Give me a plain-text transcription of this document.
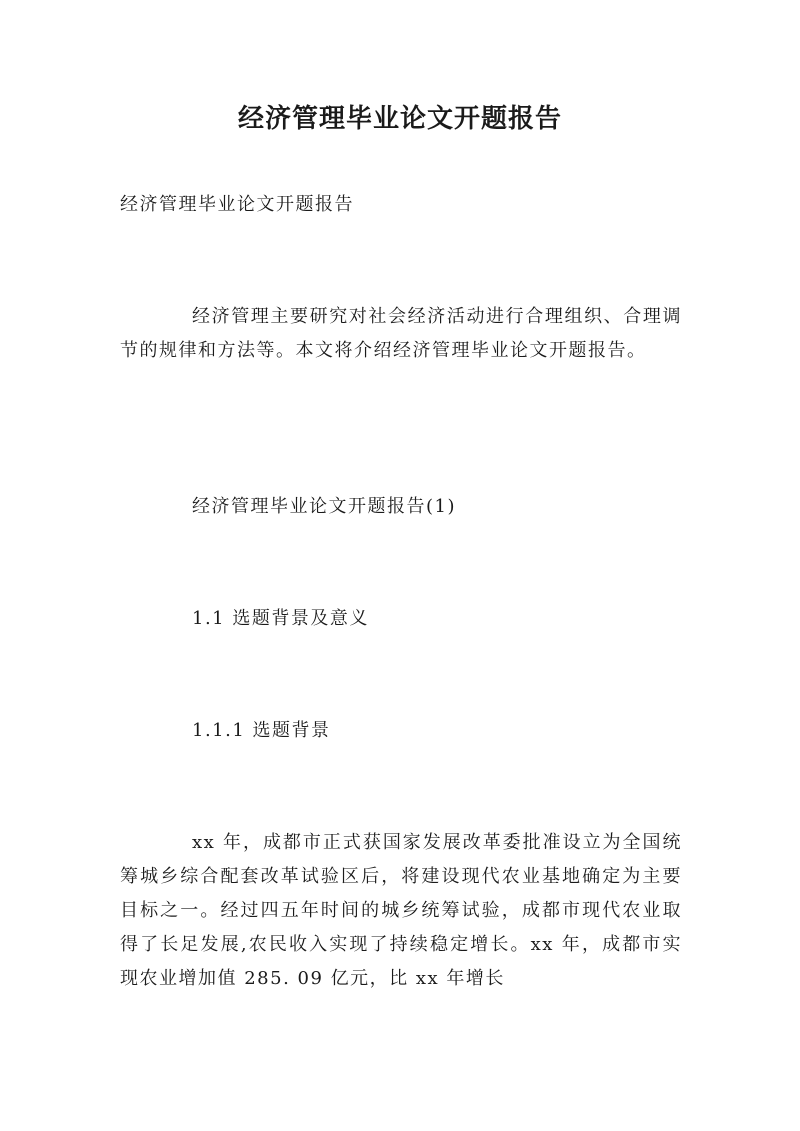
经济管理毕业论文开题报告

经济管理毕业论文开题报告

经济管理主要研究对社会经济活动进行合理组织、合理调节的规律和方法等。本文将介绍经济管理毕业论文开题报告。

经济管理毕业论文开题报告(1)

1.1 选题背景及意义

1.1.1 选题背景

xx 年，成都市正式获国家发展改革委批准设立为全国统筹城乡综合配套改革试验区后，将建设现代农业基地确定为主要目标之一。经过四五年时间的城乡统筹试验，成都市现代农业取得了长足发展,农民收入实现了持续稳定增长。xx 年，成都市实现农业增加值 285. 09 亿元，比 xx 年增长
